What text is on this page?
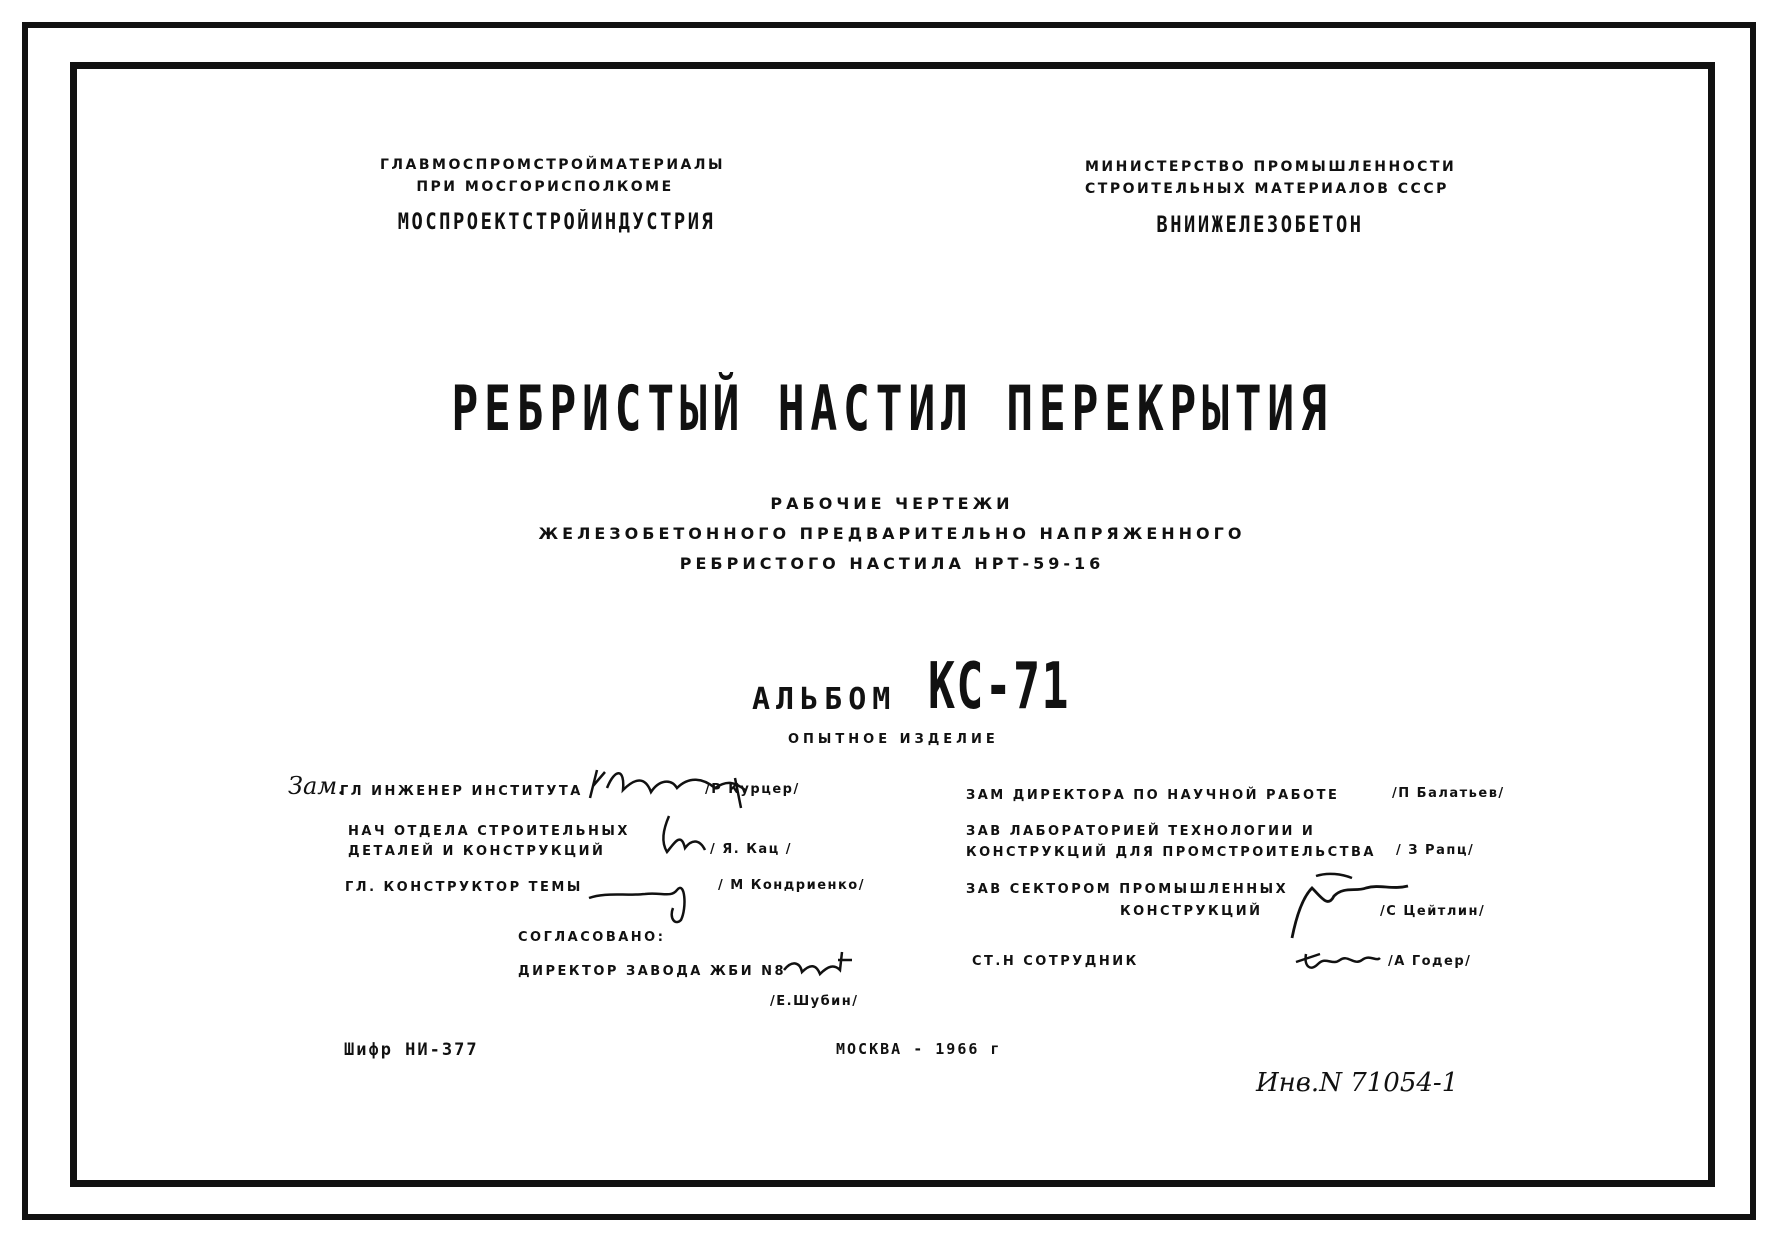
ГЛАВМОСПРОМСТРОЙМАТЕРИАЛЫ
ПРИ МОСГОРИСПОЛКОМЕ
МОСПРОЕКТСТРОЙИНДУСТРИЯ
МИНИСТЕРСТВО ПРОМЫШЛЕННОСТИ
СТРОИТЕЛЬНЫХ МАТЕРИАЛОВ СССР
ВНИИЖЕЛЕЗОБЕТОН
РЕБРИСТЫЙ НАСТИЛ ПЕРЕКРЫТИЯ
РАБОЧИЕ ЧЕРТЕЖИ
ЖЕЛЕЗОБЕТОННОГО ПРЕДВАРИТЕЛЬНО НАПРЯЖЕННОГО
РЕБРИСТОГО НАСТИЛА НРТ-59-16
АЛЬБОМ КС-71
ОПЫТНОЕ ИЗДЕЛИЕ
Зам.
ГЛ ИНЖЕНЕР ИНСТИТУТА	/Р Курцер/
НАЧ ОТДЕЛА СТРОИТЕЛЬНЫХ
ДЕТАЛЕЙ И КОНСТРУКЦИЙ	/ Я. Кац /
ГЛ. КОНСТРУКТОР ТЕМЫ	/ М Кондриенко/
СОГЛАСОВАНО:
ДИРЕКТОР ЗАВОДА ЖБИ N8
/Е.Шубин/
ЗАМ ДИРЕКТОРА ПО НАУЧНОЙ РАБОТЕ	/П Балатьев/
ЗАВ ЛАБОРАТОРИЕЙ ТЕХНОЛОГИИ И
КОНСТРУКЦИЙ ДЛЯ ПРОМСТРОИТЕЛЬСТВА / З Рапц/
ЗАВ СЕКТОРОМ ПРОМЫШЛЕННЫХ
КОНСТРУКЦИЙ	/С Цейтлин/
СТ.Н СОТРУДНИК	/А Годер/
Шифр НИ-377	МОСКВА - 1966 г
Инв.N 71054-1
